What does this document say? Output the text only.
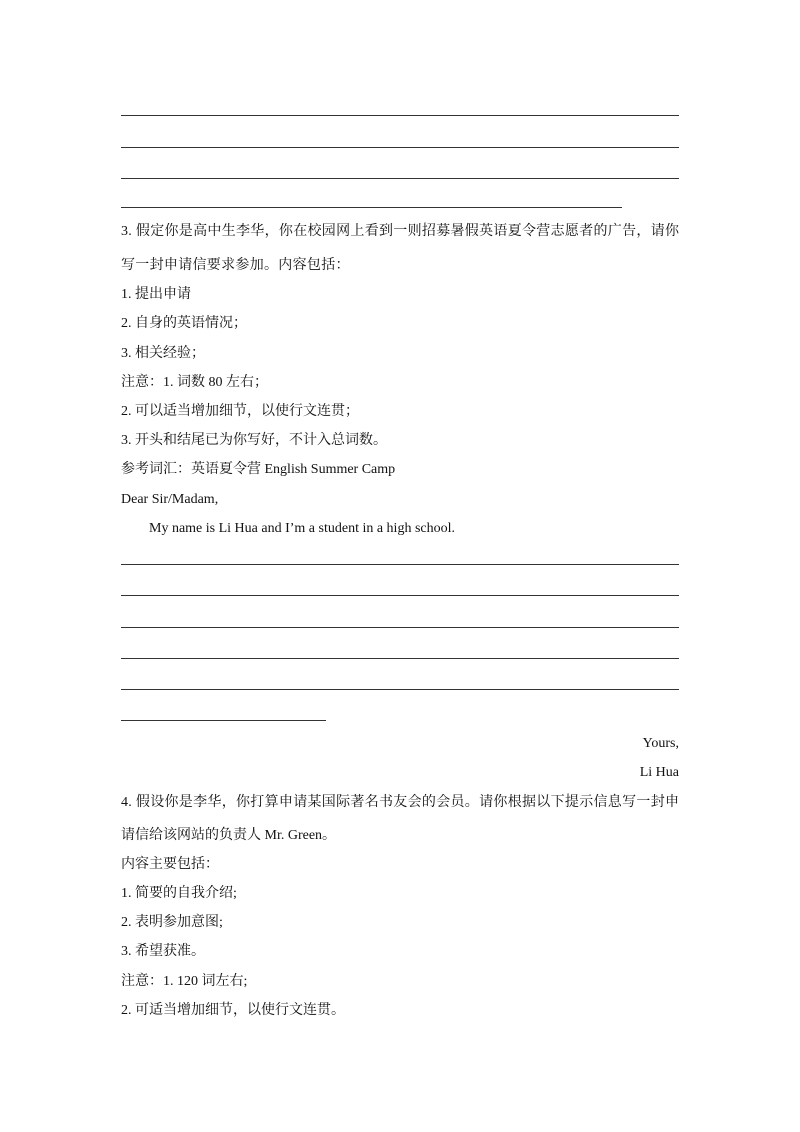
3. 假定你是高中生李华，你在校园网上看到一则招募暑假英语夏令营志愿者的广告，请你
写一封申请信要求参加。内容包括：
1. 提出申请
2. 自身的英语情况；
3. 相关经验；
注意：1. 词数 80 左右；
2. 可以适当增加细节，以使行文连贯；
3. 开头和结尾已为你写好，不计入总词数。
参考词汇：英语夏令营 English Summer Camp
Dear Sir/Madam,
My name is Li Hua and I’m a student in a high school.
Yours,
Li Hua
4. 假设你是李华，你打算申请某国际著名书友会的会员。请你根据以下提示信息写一封申
请信给该网站的负责人 Mr. Green。
内容主要包括：
1. 简要的自我介绍;
2. 表明参加意图;
3. 希望获准。
注意：1. 120 词左右;
2. 可适当增加细节，以使行文连贯。
